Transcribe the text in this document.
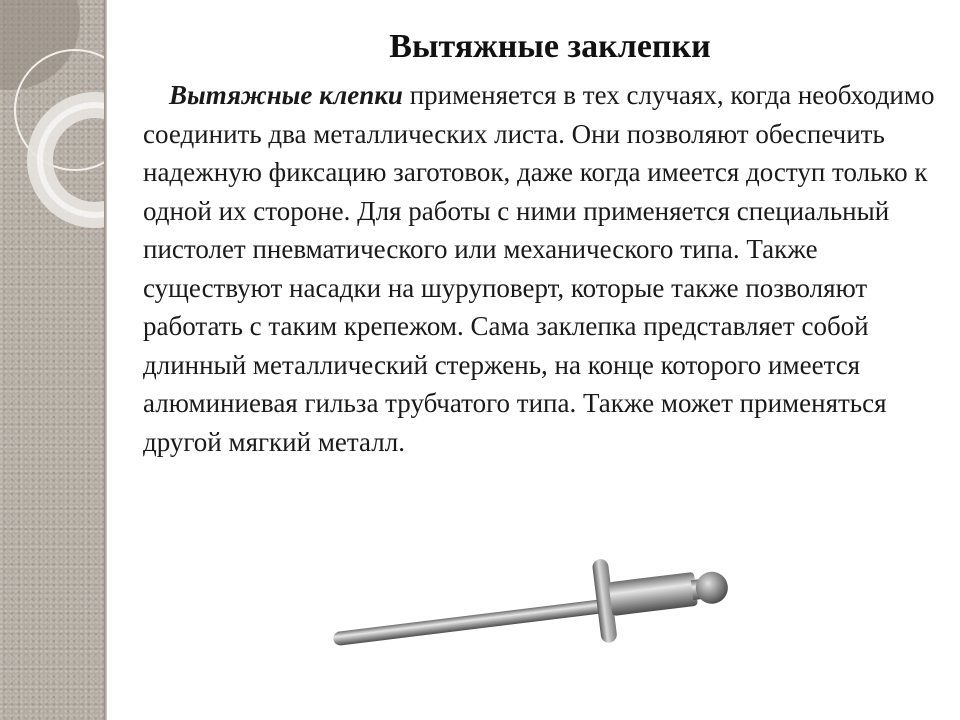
Вытяжные заклепки

Вытяжные клепки применяется в тех случаях, когда необходимо соединить два металлических листа. Они позволяют обеспечить надежную фиксацию заготовок, даже когда имеется доступ только к одной их стороне. Для работы с ними применяется специальный пистолет пневматического или механического типа. Также существуют насадки на шуруповерт, которые также позволяют работать с таким крепежом. Сама заклепка представляет собой длинный металлический стержень, на конце которого имеется алюминиевая гильза трубчатого типа. Также может применяться другой мягкий металл.
